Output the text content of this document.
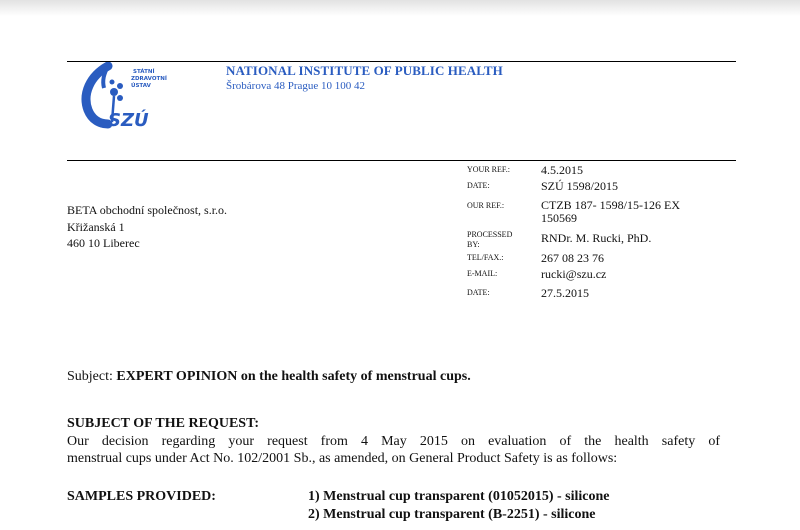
STÁTNÍ
ZDRAVOTNÍ
ÚSTAV
SZÚ
NATIONAL INSTITUTE OF PUBLIC HEALTH
Šrobárova 48 Prague 10 100 42
BETA obchodní společnost, s.r.o.
Křižanská 1
460 10 Liberec
YOUR REF.:	4.5.2015
DATE:	SZÚ 1598/2015
OUR REF.:	CTZB 187- 1598/15-126 EX
150569
PROCESSED
BY:	RNDr. M. Rucki, PhD.
TEL/FAX.:	267 08 23 76
E-MAIL:	rucki@szu.cz
DATE:	27.5.2015
Subject: EXPERT OPINION on the health safety of menstrual cups.
SUBJECT OF THE REQUEST:
Our decision regarding your request from 4 May 2015 on evaluation of the health safety of
menstrual cups under Act No. 102/2001 Sb., as amended, on General Product Safety is as follows:
SAMPLES PROVIDED:	1) Menstrual cup transparent (01052015) - silicone
2) Menstrual cup transparent (B-2251) - silicone
